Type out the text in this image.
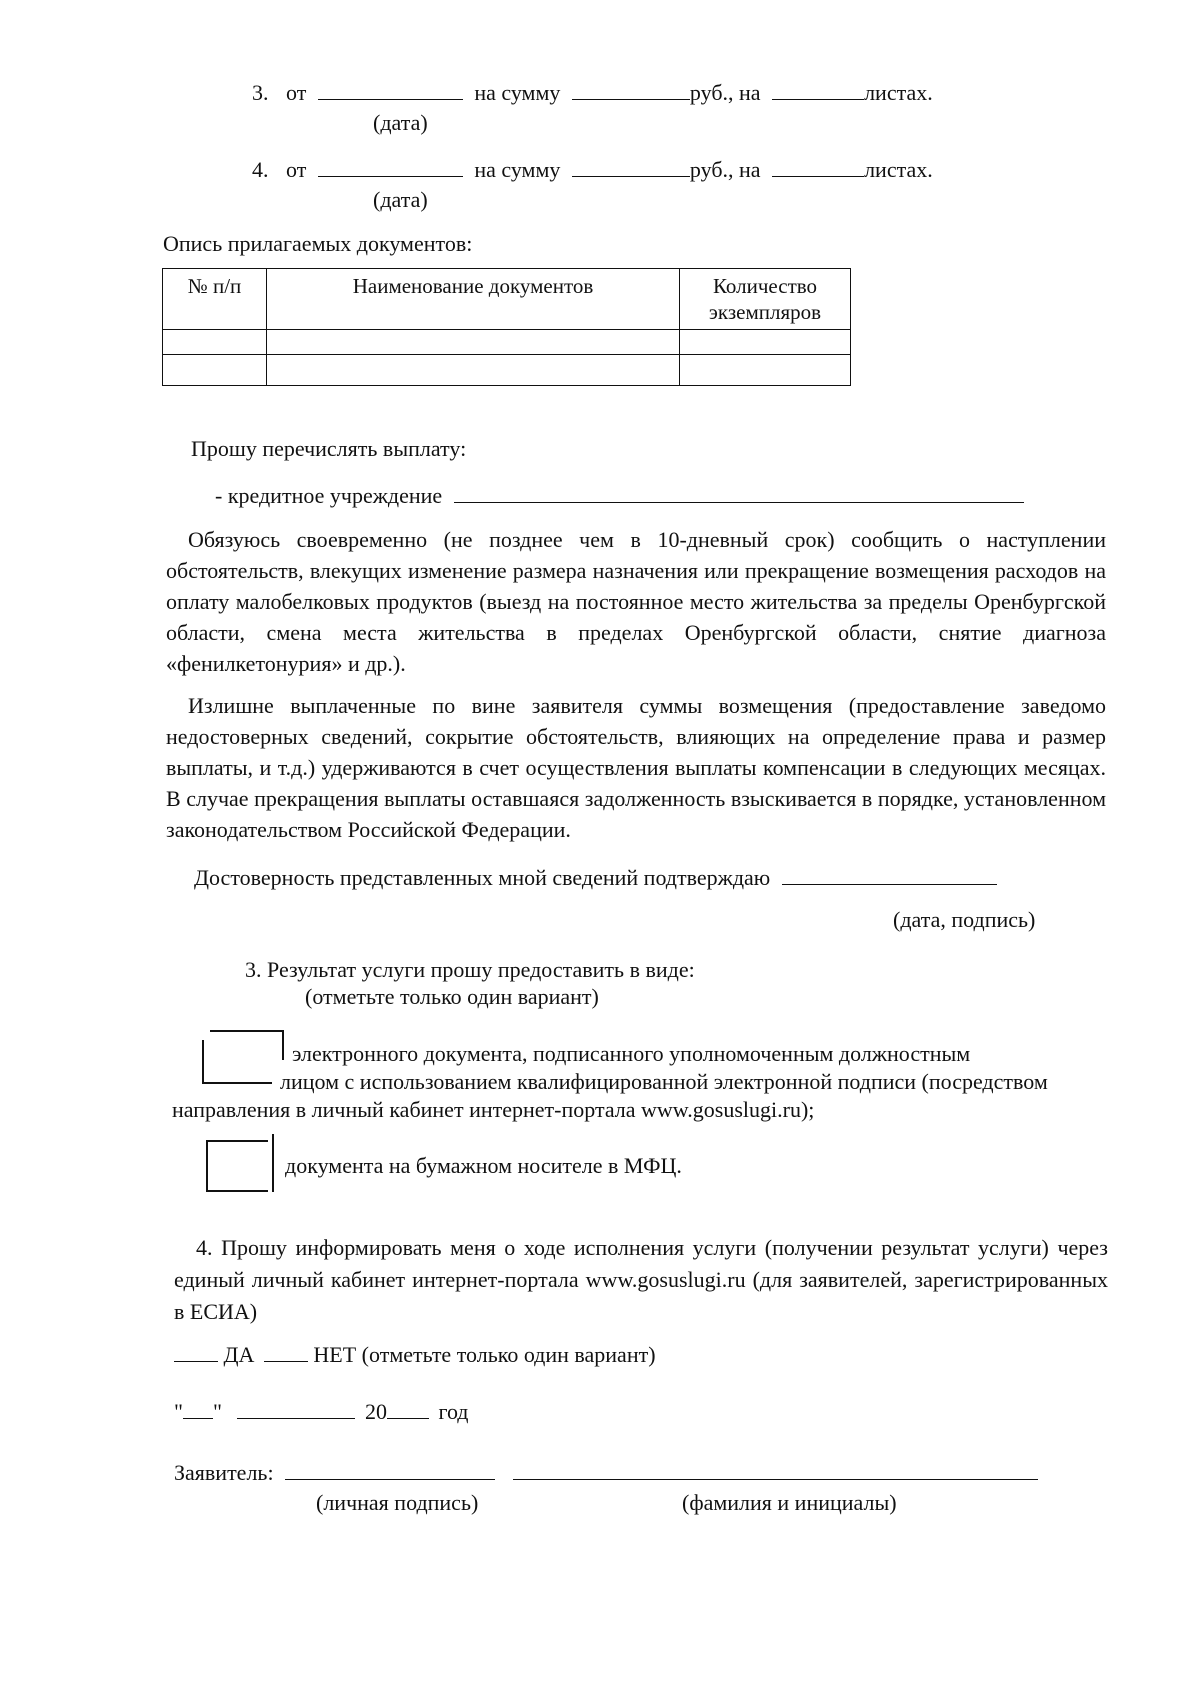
3. от	на сумму	руб., на	листах.
(дата)
4. от	на сумму	руб., на	листах.
(дата)
Опись прилагаемых документов:
№ п/п	Наименование документов	Количество экземпляров

Прошу перечислять выплату:
- кредитное учреждение
Обязуюсь своевременно (не позднее чем в 10-дневный срок) сообщить о наступлении обстоятельств, влекущих изменение размера назначения или прекращение возмещения расходов на оплату малобелковых продуктов (выезд на постоянное место жительства за пределы Оренбургской области, смена места жительства в пределах Оренбургской области, снятие диагноза «фенилкетонурия» и др.).
Излишне выплаченные по вине заявителя суммы возмещения (предоставление заведомо недостоверных сведений, сокрытие обстоятельств, влияющих на определение права и размер выплаты, и т.д.) удерживаются в счет осуществления выплаты компенсации в следующих месяцах. В случае прекращения выплаты оставшаяся задолженность взыскивается в порядке, установленном законодательством Российской Федерации.
Достоверность представленных мной сведений подтверждаю
(дата, подпись)
3. Результат услуги прошу предоставить в виде:
(отметьте только один вариант)
электронного документа, подписанного уполномоченным должностным
лицом с использованием квалифицированной электронной подписи (посредством
направления в личный кабинет интернет-портала www.gosuslugi.ru);
документа на бумажном носителе в МФЦ.
4. Прошу информировать меня о ходе исполнения услуги (получении результат услуги) через единый личный кабинет интернет-портала www.gosuslugi.ru (для заявителей, зарегистрированных в ЕСИА)
ДА	НЕТ (отметьте только один вариант)
" "	20 год
Заявитель:
(личная подпись)	(фамилия и инициалы)
